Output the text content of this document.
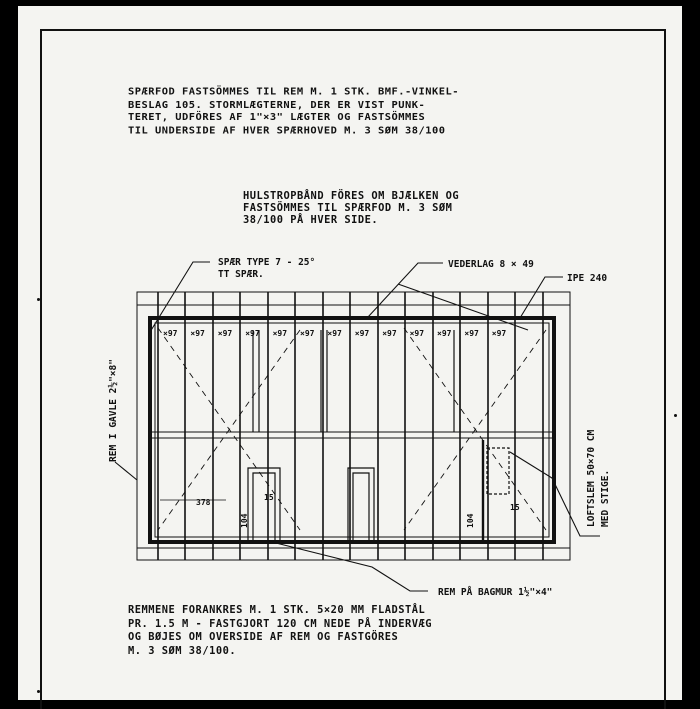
SPÆRFOD FASTSÖMMES TIL REM M. 1 STK. BMF.-VINKEL-
BESLAG 105. STORMLÆGTERNE, DER ER VIST PUNK-
TERET, UDFÖRES AF 1"×3" LÆGTER OG FASTSÖMMES
TIL UNDERSIDE AF HVER SPÆRHOVED M. 3 SØM 38/100
HULSTROPBÅND FÖRES OM BJÆLKEN OG
FASTSÖMMES TIL SPÆRFOD M. 3 SØM
38/100 PÅ HVER SIDE.
REMMENE FORANKRES M. 1 STK. 5×20 MM FLADSTÅL
PR. 1.5 M - FASTGJORT 120 CM NEDE PÅ INDERVÆG
OG BØJES OM OVERSIDE AF REM OG FASTGÖRES
M. 3 SØM 38/100.
×97 ×97 ×97 ×97 ×97 ×97 ×97 ×97 ×97 ×97 ×97 ×97 ×97
378
15
15
104	104
SPÆR TYPE 7 - 25°
TT SPÆR.
VEDERLAG 8 × 49
IPE 240
REM I GAVLE 2½"×8"
LOFTSLEM 50×70 CM MED STIGE.
REM PÅ BAGMUR 1½"×4"
